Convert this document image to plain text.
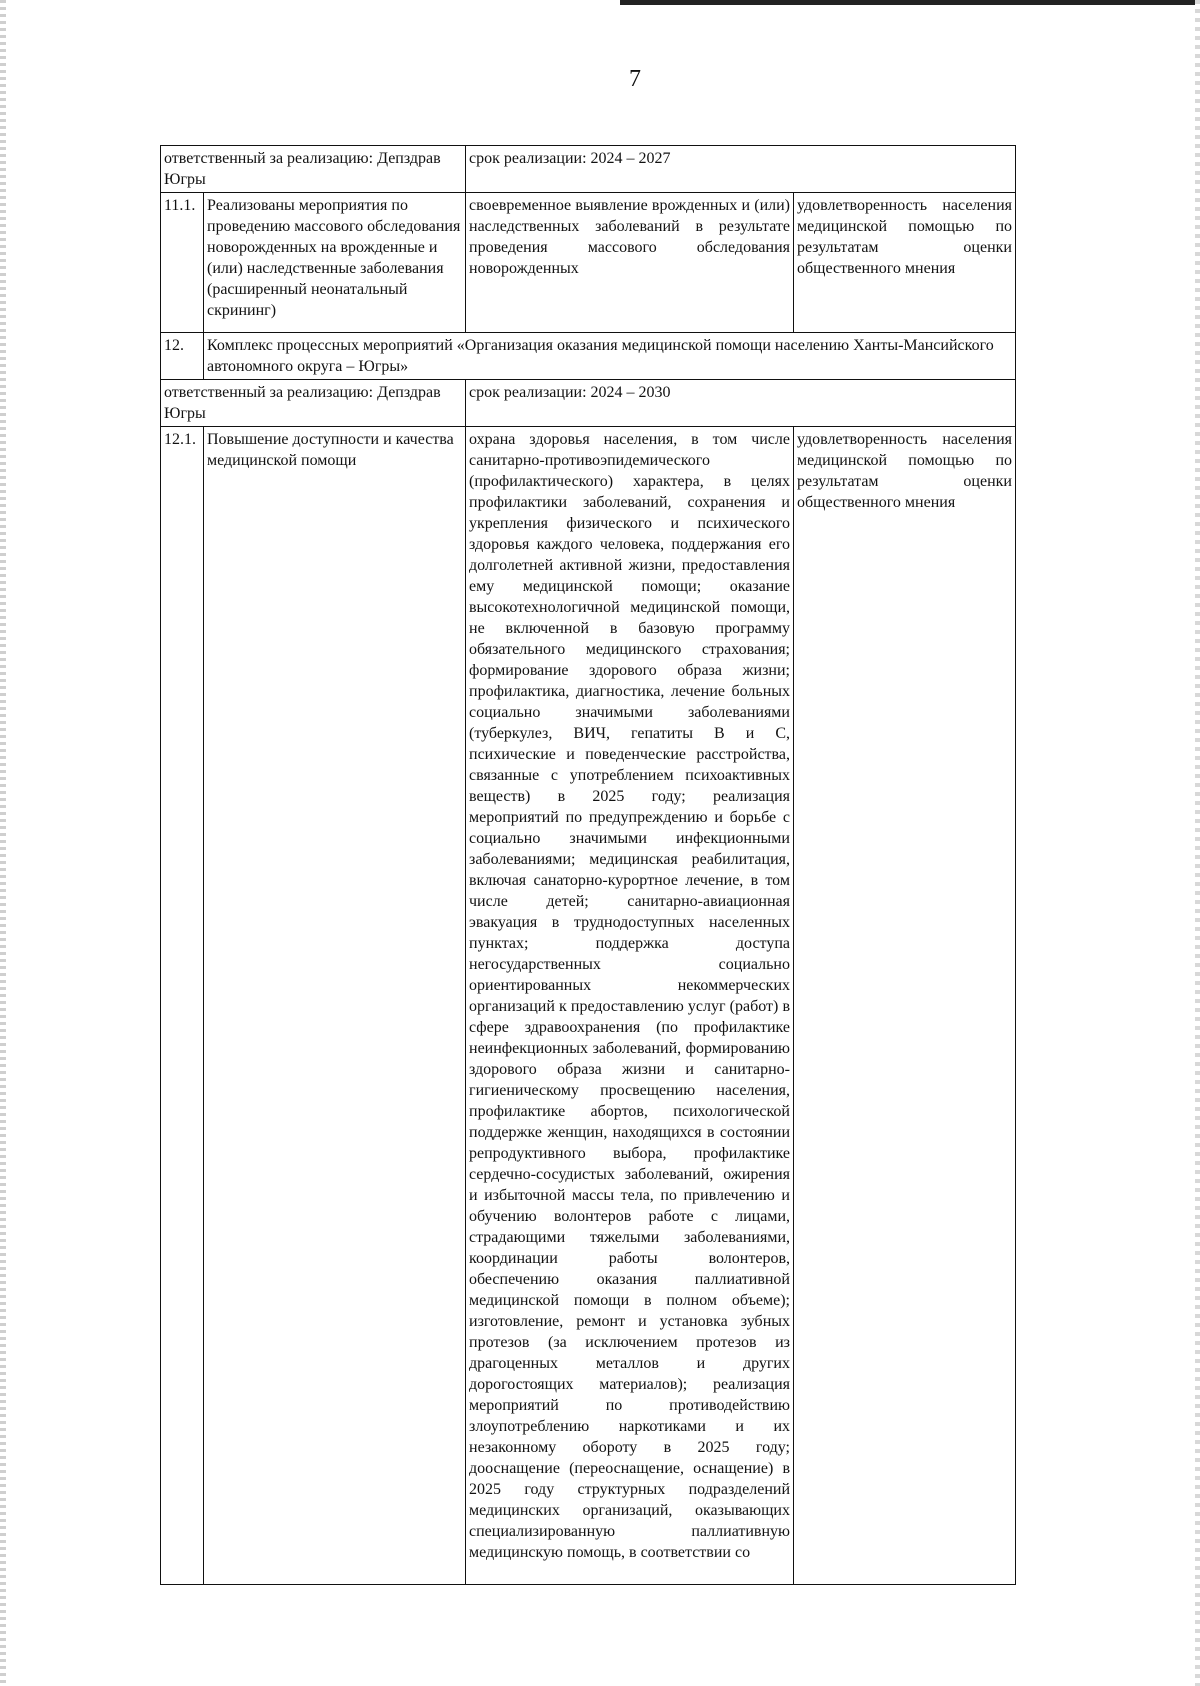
7
ответственный за реализацию: Депздрав Югры		срок реализации: 2024 – 2027	
11.1.	Реализованы мероприятия по проведению массового обследования новорожденных на врожденные и (или) наследственные заболевания (расширенный неонатальный скрининг)	своевременное выявление врожденных и (или) наследственных заболеваний в результате проведения массового обследования новорожденных	удовлетворенность населения медицинской помощью по результатам оценки общественного мнения
12.	Комплекс процессных мероприятий «Организация оказания медицинской помощи населению Ханты-Мансийского автономного округа – Югры»		
ответственный за реализацию: Депздрав Югры		срок реализации: 2024 – 2030	
12.1.	Повышение доступности и качества медицинской помощи	охрана здоровья населения, в том числе санитарно-противоэпидемического (профилактического) характера, в целях профилактики заболеваний, сохранения и укрепления физического и психического здоровья каждого человека, поддержания его долголетней активной жизни, предоставления ему медицинской помощи; оказание высокотехнологичной медицинской помощи, не включенной в базовую программу обязательного медицинского страхования; формирование здорового образа жизни; профилактика, диагностика, лечение больных социально значимыми заболеваниями (туберкулез, ВИЧ, гепатиты В и С, психические и поведенческие расстройства, связанные с употреблением психоактивных веществ) в 2025 году; реализация мероприятий по предупреждению и борьбе с социально значимыми инфекционными заболеваниями; медицинская реабилитация, включая санаторно-курортное лечение, в том числе детей; санитарно-авиационная эвакуация в труднодоступных населенных пунктах; поддержка доступа негосударственных социально ориентированных некоммерческих организаций к предоставлению услуг (работ) в сфере здравоохранения (по профилактике неинфекционных заболеваний, формированию здорового образа жизни и санитарно-гигиеническому просвещению населения, профилактике абортов, психологической поддержке женщин, находящихся в состоянии репродуктивного выбора, профилактике сердечно-сосудистых заболеваний, ожирения и избыточной массы тела, по привлечению и обучению волонтеров работе с лицами, страдающими тяжелыми заболеваниями, координации работы волонтеров, обеспечению оказания паллиативной медицинской помощи в полном объеме); изготовление, ремонт и установка зубных протезов (за исключением протезов из драгоценных металлов и других дорогостоящих материалов); реализация мероприятий по противодействию злоупотреблению наркотиками и их незаконному обороту в 2025 году; дооснащение (переоснащение, оснащение) в 2025 году структурных подразделений медицинских организаций, оказывающих специализированную паллиативную медицинскую помощь, в соответствии со	удовлетворенность населения медицинской помощью по результатам оценки общественного мнения
